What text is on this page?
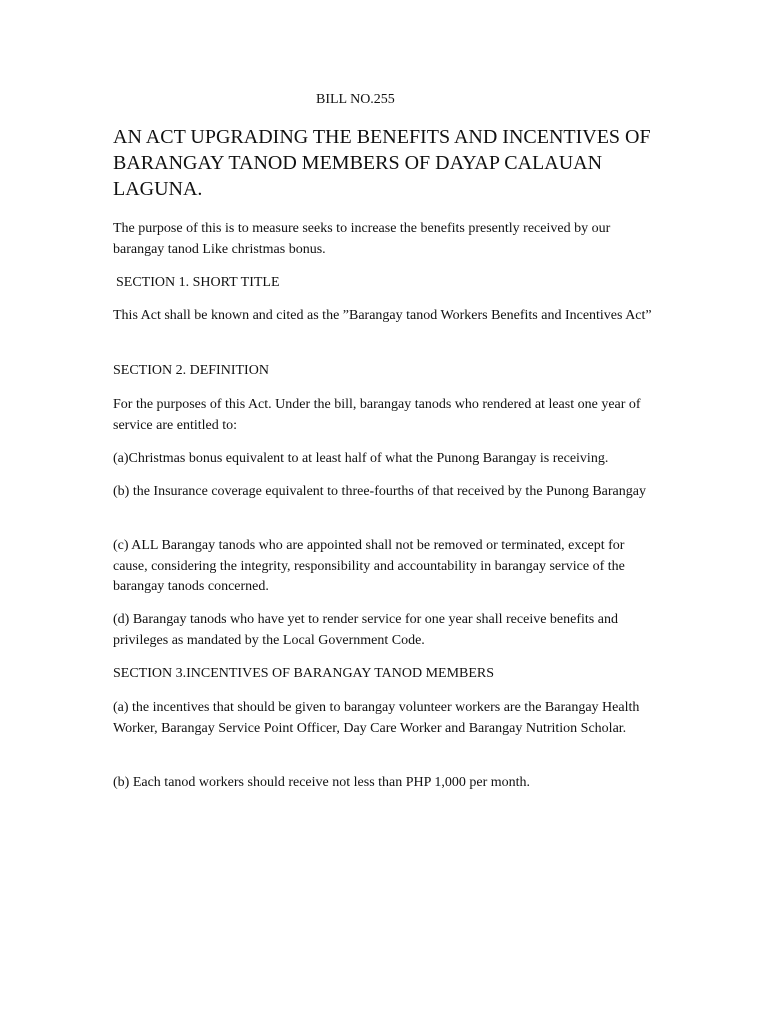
BILL NO.255
AN ACT UPGRADING THE BENEFITS AND INCENTIVES OF BARANGAY TANOD MEMBERS OF DAYAP CALAUAN LAGUNA.

The purpose of this is to measure seeks to increase the benefits presently received by our barangay tanod Like christmas bonus.

SECTION 1. SHORT TITLE

This Act shall be known and cited as the ”Barangay tanod Workers Benefits and Incentives Act”

SECTION 2. DEFINITION

For the purposes of this Act. Under the bill, barangay tanods who rendered at least one year of service are entitled to:

(a)Christmas bonus equivalent to at least half of what the Punong Barangay is receiving.

(b) the Insurance coverage equivalent to three-fourths of that received by the Punong Barangay

(c) ALL Barangay tanods who are appointed shall not be removed or terminated, except for cause, considering the integrity, responsibility and accountability in barangay service of the barangay tanods concerned.

(d) Barangay tanods who have yet to render service for one year shall receive benefits and privileges as mandated by the Local Government Code.

SECTION 3.INCENTIVES OF BARANGAY TANOD MEMBERS

(a) the incentives that should be given to barangay volunteer workers are the Barangay Health Worker, Barangay Service Point Officer, Day Care Worker and Barangay Nutrition Scholar.

(b) Each tanod workers should receive not less than PHP 1,000 per month.
